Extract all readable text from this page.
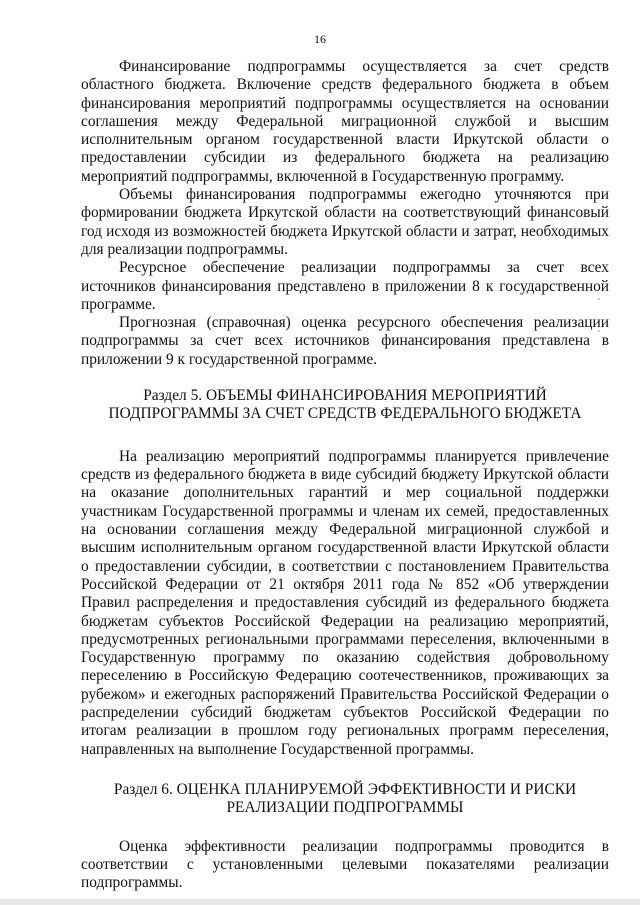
16

Финансирование подпрограммы осуществляется за счет средств областного бюджета. Включение средств федерального бюджета в объем финансирования мероприятий подпрограммы осуществляется на основании соглашения между Федеральной миграционной службой и высшим исполнительным органом государственной власти Иркутской области о предоставлении субсидии из федерального бюджета на реализацию мероприятий подпрограммы, включенной в Государственную программу.

Объемы финансирования подпрограммы ежегодно уточняются при формировании бюджета Иркутской области на соответствующий финансовый год исходя из возможностей бюджета Иркутской области и затрат, необходимых для реализации подпрограммы.

Ресурсное обеспечение реализации подпрограммы за счет всех источников финансирования представлено в приложении 8 к государственной программе.

Прогнозная (справочная) оценка ресурсного обеспечения реализации подпрограммы за счет всех источников финансирования представлена в приложении 9 к государственной программе.

Раздел 5. ОБЪЕМЫ ФИНАНСИРОВАНИЯ МЕРОПРИЯТИЙ
ПОДПРОГРАММЫ ЗА СЧЕТ СРЕДСТВ ФЕДЕРАЛЬНОГО БЮДЖЕТА

На реализацию мероприятий подпрограммы планируется привлечение средств из федерального бюджета в виде субсидий бюджету Иркутской области на оказание дополнительных гарантий и мер социальной поддержки участникам Государственной программы и членам их семей, предоставленных на основании соглашения между Федеральной миграционной службой и высшим исполнительным органом государственной власти Иркутской области о предоставлении субсидии, в соответствии с постановлением Правительства Российской Федерации от 21 октября 2011 года № 852 «Об утверждении Правил распределения и предоставления субсидий из федерального бюджета бюджетам субъектов Российской Федерации на реализацию мероприятий, предусмотренных региональными программами переселения, включенными в Государственную программу по оказанию содействия добровольному переселению в Российскую Федерацию соотечественников, проживающих за рубежом» и ежегодных распоряжений Правительства Российской Федерации о распределении субсидий бюджетам субъектов Российской Федерации по итогам реализации в прошлом году региональных программ переселения, направленных на выполнение Государственной программы.

Раздел 6. ОЦЕНКА ПЛАНИРУЕМОЙ ЭФФЕКТИВНОСТИ И РИСКИ
РЕАЛИЗАЦИИ ПОДПРОГРАММЫ

Оценка эффективности реализации подпрограммы проводится в соответствии с установленными целевыми показателями реализации подпрограммы.
